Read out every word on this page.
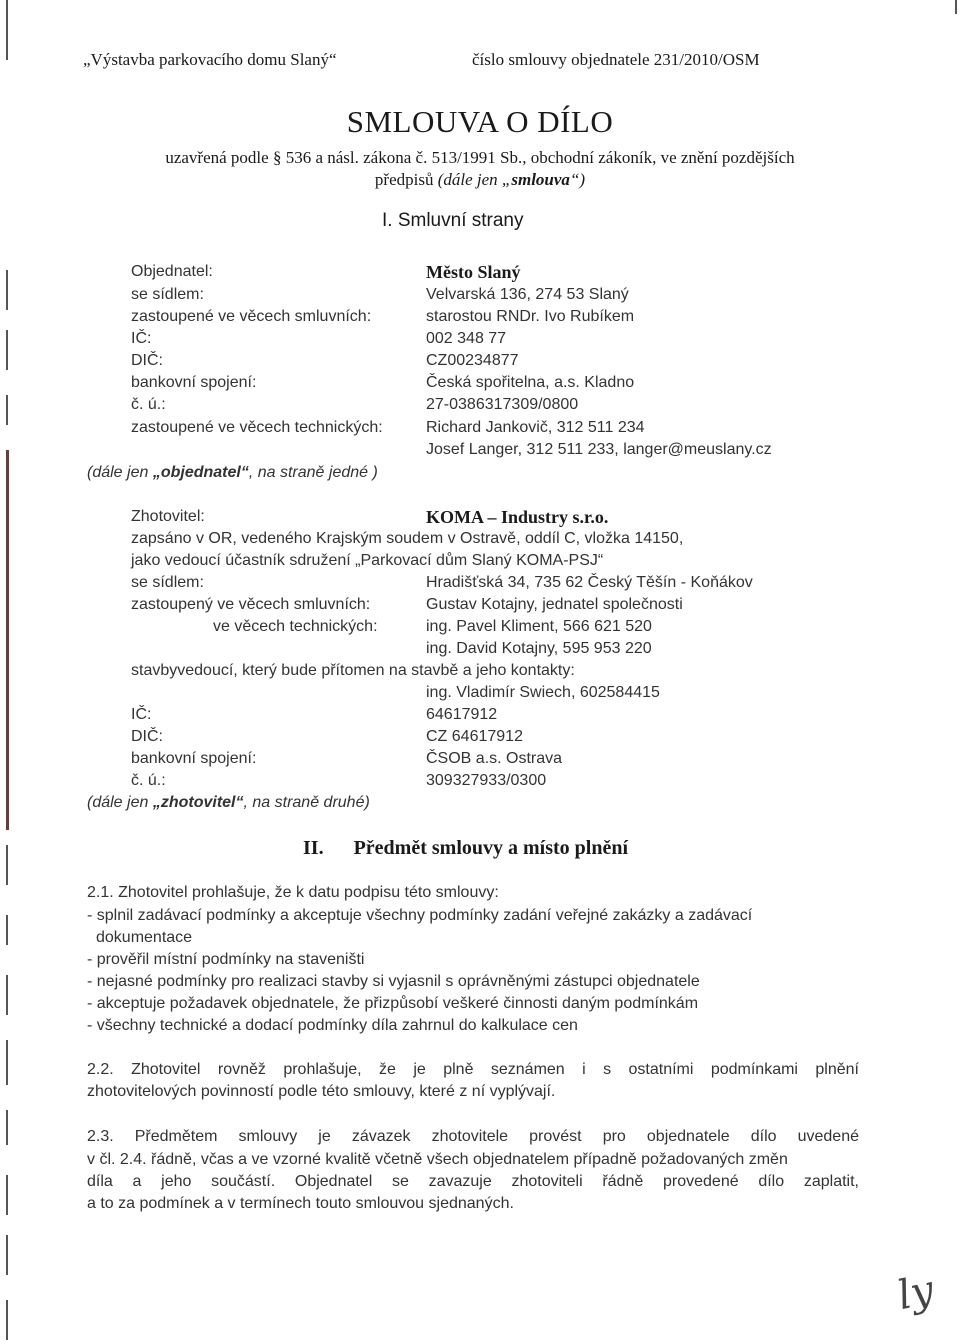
„Výstavba parkovacího domu Slaný“	číslo smlouvy objednatele 231/2010/OSM
SMLOUVA O DÍLO
uzavřená podle § 536 a násl. zákona č. 513/1991 Sb., obchodní zákoník, ve znění pozdějších
předpisů (dále jen „smlouva“)
I. Smluvní strany
Objednatel:	Město Slaný
se sídlem:	Velvarská 136, 274 53 Slaný
zastoupené ve věcech smluvních:	starostou RNDr. Ivo Rubíkem
IČ:	002 348 77
DIČ:	CZ00234877
bankovní spojení:	Česká spořitelna, a.s. Kladno
č. ú.:	27-0386317309/0800
zastoupené ve věcech technických:	Richard Jankovič, 312 511 234
Josef Langer, 312 511 233, langer@meuslany.cz
(dále jen „objednatel“, na straně jedné )
Zhotovitel:	KOMA – Industry s.r.o.
zapsáno v OR, vedeného Krajským soudem v Ostravě, oddíl C, vložka 14150,
jako vedoucí účastník sdružení „Parkovací dům Slaný KOMA-PSJ“
se sídlem:	Hradišťská 34, 735 62 Český Těšín - Koňákov
zastoupený ve věcech smluvních:	Gustav Kotajny, jednatel společnosti
ve věcech technických:	ing. Pavel Kliment, 566 621 520
ing. David Kotajny, 595 953 220
stavbyvedoucí, který bude přítomen na stavbě a jeho kontakty:
ing. Vladimír Swiech, 602584415
IČ:	64617912
DIČ:	CZ 64617912
bankovní spojení:	ČSOB a.s. Ostrava
č. ú.:	309327933/0300
(dále jen „zhotovitel“, na straně druhé)
II. Předmět smlouvy a místo plnění
2.1. Zhotovitel prohlašuje, že k datu podpisu této smlouvy:
- splnil zadávací podmínky a akceptuje všechny podmínky zadání veřejné zakázky a zadávací
dokumentace
- prověřil místní podmínky na staveništi
- nejasné podmínky pro realizaci stavby si vyjasnil s oprávněnými zástupci objednatele
- akceptuje požadavek objednatele, že přizpůsobí veškeré činnosti daným podmínkám
- všechny technické a dodací podmínky díla zahrnul do kalkulace cen
2.2. Zhotovitel rovněž prohlašuje, že je plně seznámen i s ostatními podmínkami plnění
zhotovitelových povinností podle této smlouvy, které z ní vyplývají.
2.3. Předmětem smlouvy je závazek zhotovitele provést pro objednatele dílo uvedené
v čl. 2.4. řádně, včas a ve vzorné kvalitě včetně všech objednatelem případně požadovaných změn
díla a jeho součástí. Objednatel se zavazuje zhotoviteli řádně provedené dílo zaplatit,
a to za podmínek a v termínech touto smlouvou sjednaných.
ly
